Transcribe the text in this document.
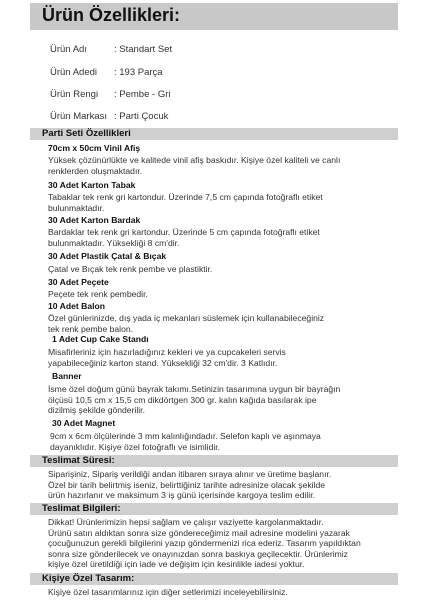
Ürün Özellikleri:
Ürün Adı	: Standart Set
Ürün Adedi : 193 Parça
Ürün Rengi : Pembe - Gri
Ürün Markası : Parti Çocuk
Parti Seti Özellikleri
70cm x 50cm Vinil Afiş
Yüksek çözünürlükte ve kalitede vinil afiş baskıdır. Kişiye özel kaliteli ve canlı
renklerden oluşmaktadır.
30 Adet Karton Tabak
Tabaklar tek renk gri kartondur. Üzerinde 7,5 cm çapında fotoğraflı etiket
bulunmaktadır.
30 Adet Karton Bardak
Bardaklar tek renk gri kartondur. Üzerinde 5 cm çapında fotoğraflı etiket
bulunmaktadır. Yüksekliği 8 cm'dir.
30 Adet Plastik Çatal & Bıçak
Çatal ve Bıçak tek renk pembe ve plastiktir.
30 Adet Peçete
Peçete tek renk pembedir.
10 Adet Balon
Özel günlerinizde, dış yada iç mekanları süslemek için kullanabileceğiniz
tek renk pembe balon.
1 Adet Cup Cake Standı
Misafirleriniz için hazırladığınız kekleri ve ya cupcakeleri servis
yapabileceğiniz karton stand. Yüksekliği 32 cm'dir. 3 Katlıdır.
Banner
İsme özel doğum günü bayrak takımı.Setinizin tasarımına uygun bir bayrağın
ölçüsü 10,5 cm x 15,5 cm dikdörtgen 300 gr. kalın kağıda basılarak ipe
dizilmiş şekilde gönderilir.
30 Adet Magnet
9cm x 6cm ölçülerinde 3 mm kalınlığındadır. Selefon kaplı ve aşınmaya
dayanıklıdır. Kişiye özel fotoğraflı ve isimlidir.
Teslimat Süresi:
Siparişiniz, Sipariş verildiği andan itibaren sıraya alınır ve üretime başlanır.
Özel bir tarih belirtmiş iseniz, belirttiğiniz tarihte adresinize olacak şekilde
ürün hazırlanır ve maksimum 3 iş günü içerisinde kargoya teslim edilir.
Teslimat Bilgileri:
Dikkat! Ürünlerimizin hepsi sağlam ve çalışır vaziyette kargolanmaktadır.
Ürünü satın aldıktan sonra size göndereceğimiz mail adresine modelini yazarak
çocuğunuzun gerekli bilgilerini yazıp göndermenizi rica ederiz. Tasarım yapıldıktan
sonra size gönderilecek ve onayınızdan sonra baskıya geçilecektir. Ürünlerimiz
kişiye özel üretildiği için iade ve değişim için kesinlikle iadesi yoktur.
Kişiye Özel Tasarım:
Kişiye özel tasarımlarınız için diğer setlerimizi inceleyebilirsiniz.
